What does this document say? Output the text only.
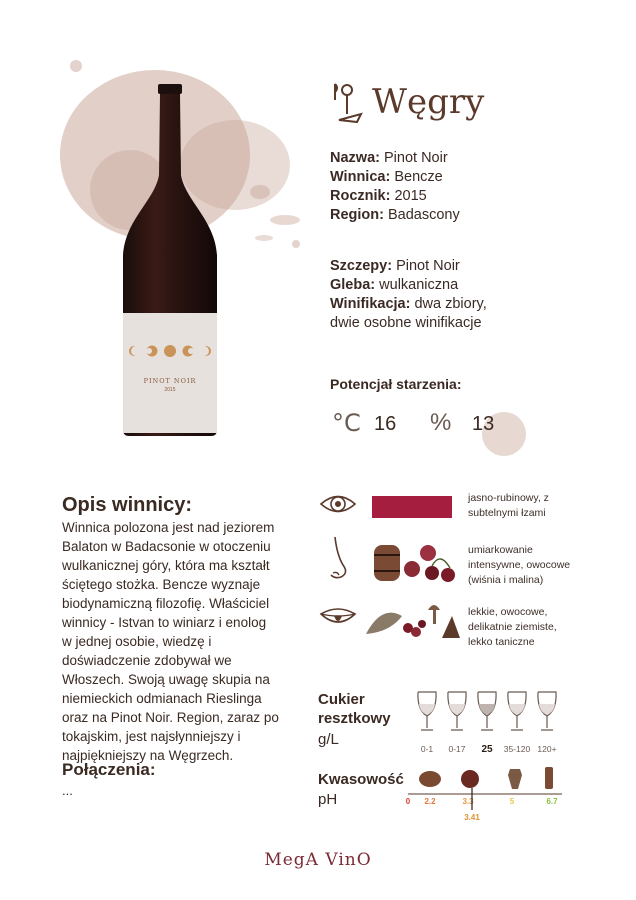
PINOT NOIR
2015
Węgry
Nazwa: Pinot Noir
Winnica: Bencze
Rocznik: 2015
Region: Badascony
Szczepy: Pinot Noir
Gleba: wulkaniczna
Winifikacja: dwa zbiory,
dwie osobne winifikacje
Potencjał starzenia:
°C 16 % 13
Opis winnicy:
Winnica polozona jest nad jeziorem
Balaton w Badacsonie w otoczeniu
wulkanicznej góry, która ma kształt
ściętego stożka. Bencze wyznaje
biodynamiczną filozofię. Właściciel
winnicy - Istvan to winiarz i enolog
w jednej osobie, wiedzę i
doświadczenie zdobywał we
Włoszech. Swoją uwagę skupia na
niemieckich odmianach Rieslinga
oraz na Pinot Noir. Region, zaraz po
tokajskim, jest najsłynniejszy i
najpiękniejszy na Węgrzech.
Połączenia:
...
jasno-rubinowy, z
subtelnymi łzami
umiarkowanie
intensywne, owocowe
(wiśnia i malina)
lekkie, owocowe,
delikatnie ziemiste,
lekko taniczne
Cukier
resztkowy
g/L
0-1	0-17	25	35-120 120+
Kwasowość
pH	0 2.2	3.3	5	6.7
3.41
MegA VinO
